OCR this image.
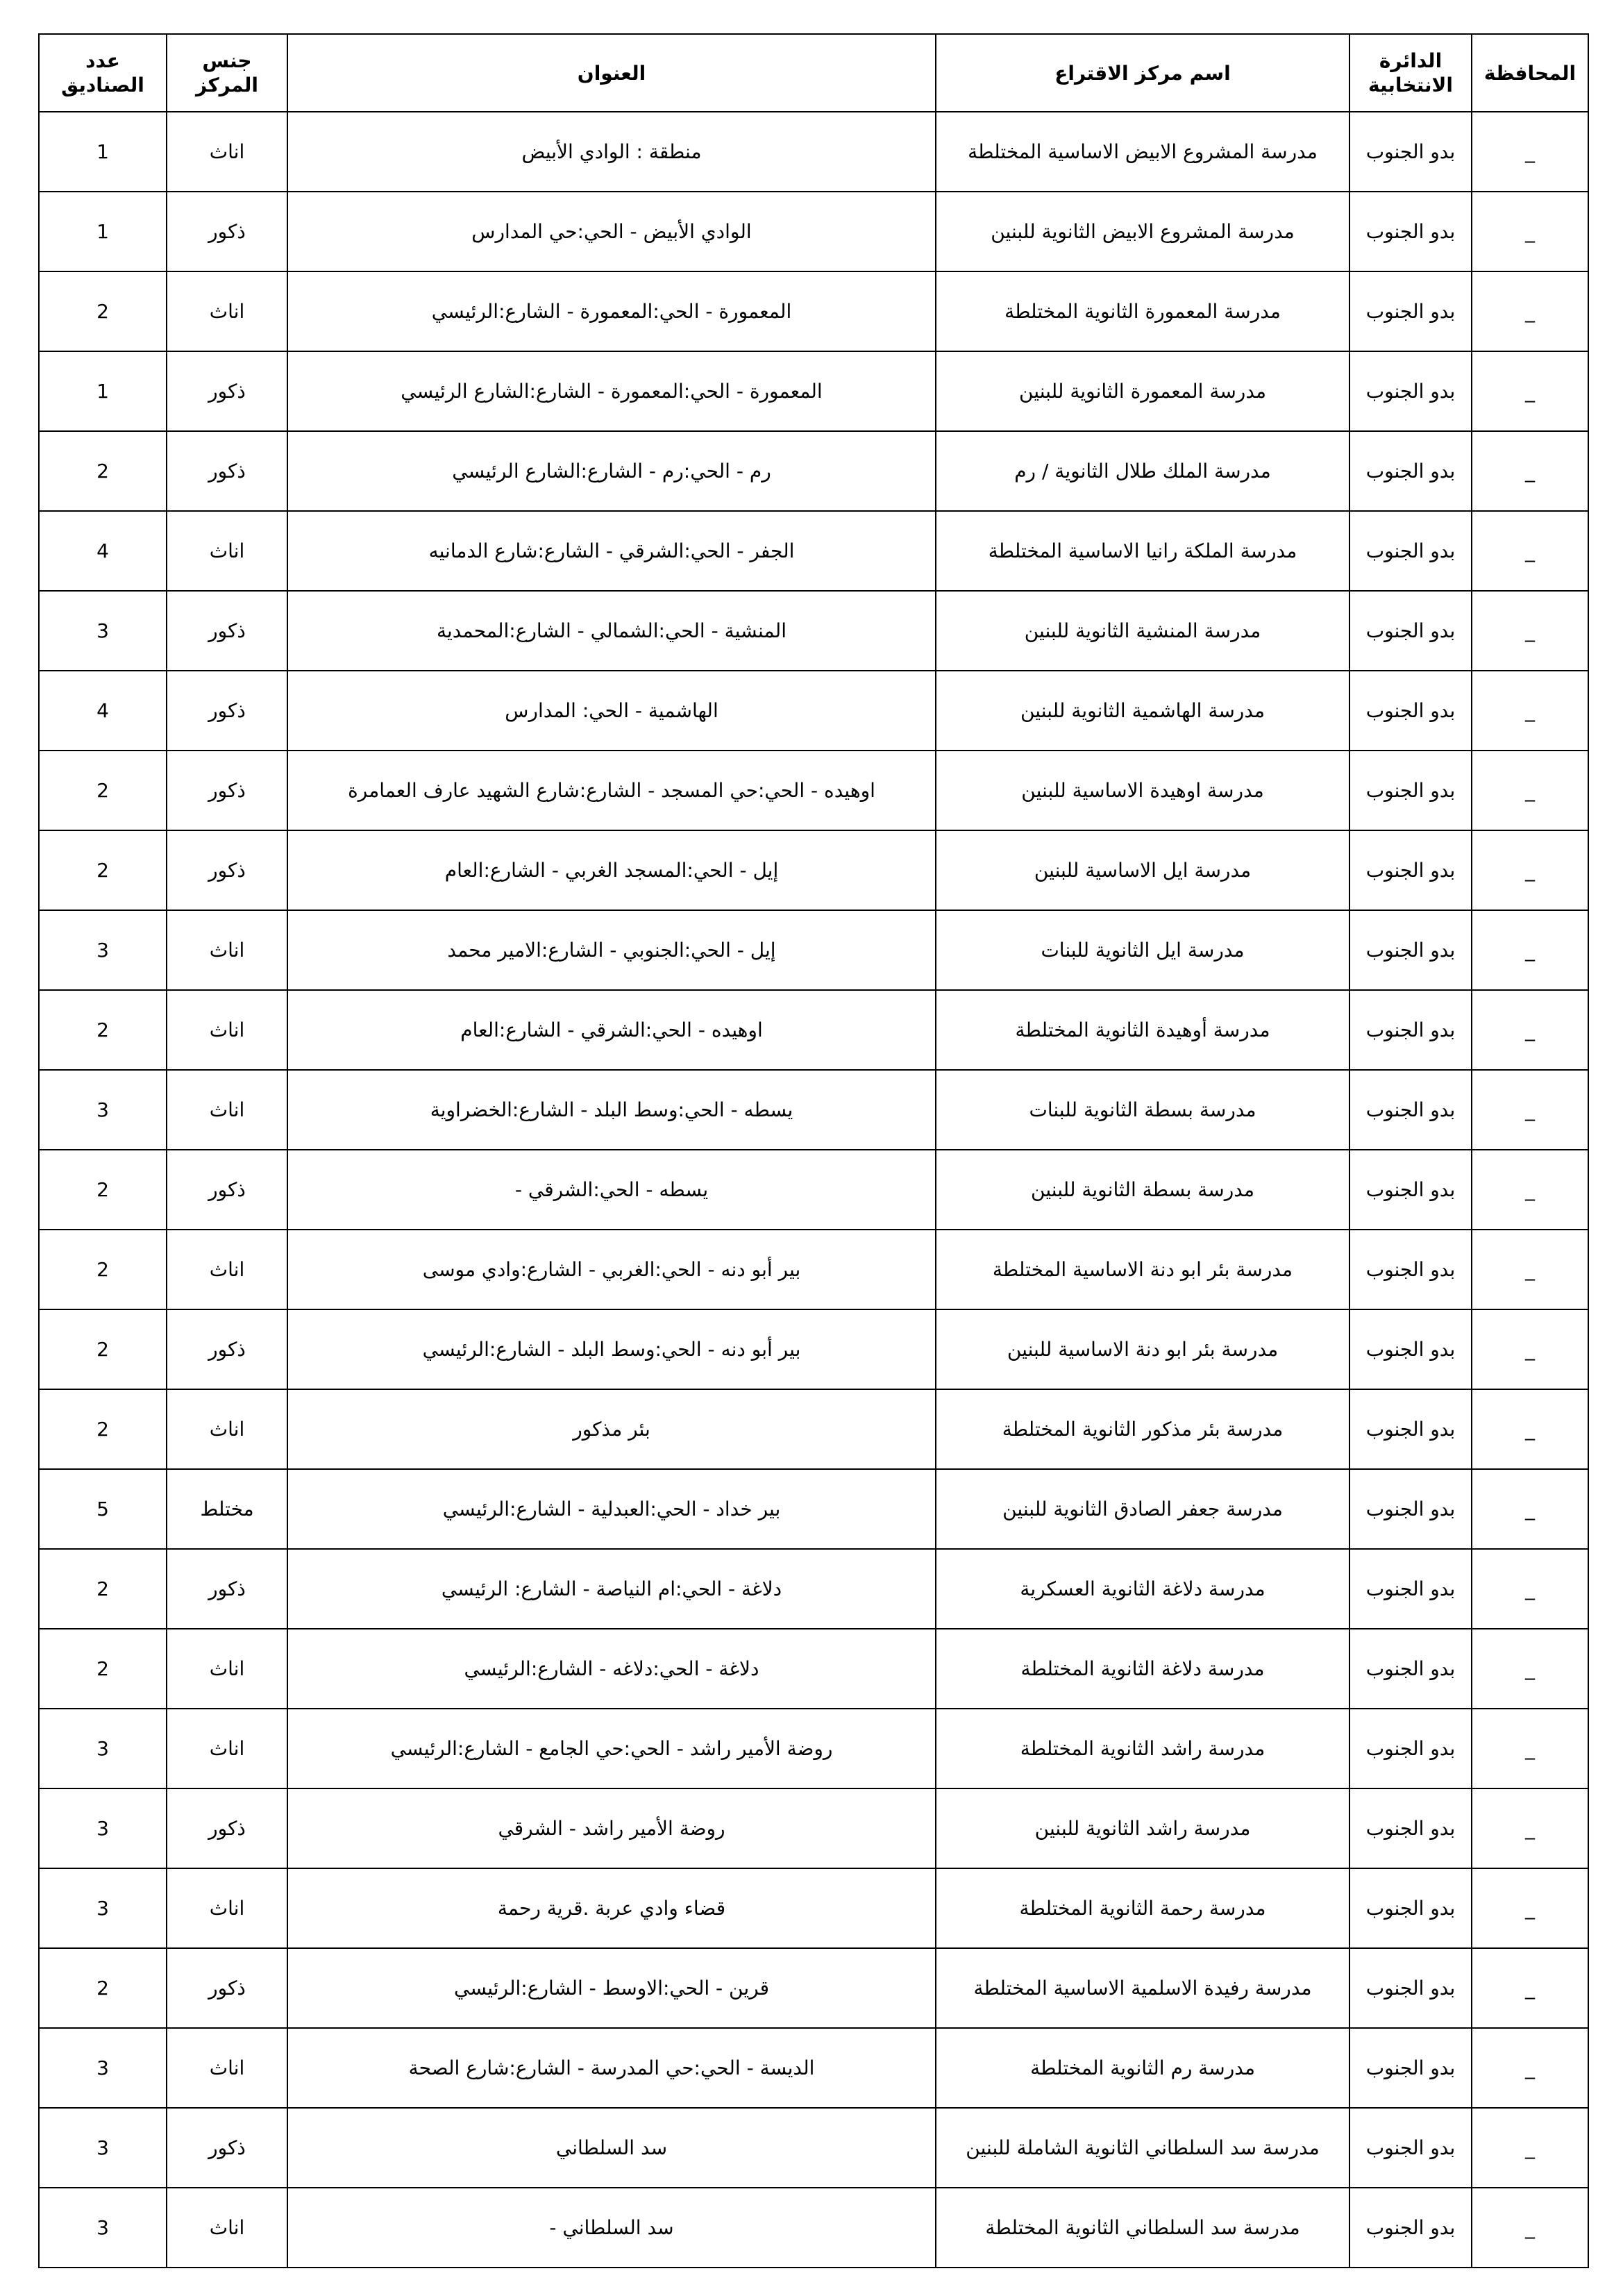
المحافظة	الدائرة الانتخابية	اسم مركز الاقتراع	العنوان	جنس المركز	عدد الصناديق
_	بدو الجنوب	مدرسة المشروع الابيض الاساسية المختلطة	منطقة : الوادي الأبيض	اناث	1
_	بدو الجنوب	مدرسة المشروع الابيض الثانوية للبنين	الوادي الأبيض - الحي:حي المدارس	ذكور	1
_	بدو الجنوب	مدرسة المعمورة الثانوية المختلطة	المعمورة - الحي:المعمورة - الشارع:الرئيسي	اناث	2
_	بدو الجنوب	مدرسة المعمورة الثانوية للبنين	المعمورة - الحي:المعمورة - الشارع:الشارع الرئيسي	ذكور	1
_	بدو الجنوب	مدرسة الملك طلال الثانوية / رم	رم - الحي:رم - الشارع:الشارع الرئيسي	ذكور	2
_	بدو الجنوب	مدرسة الملكة رانيا الاساسية المختلطة	الجفر - الحي:الشرقي - الشارع:شارع الدمانيه	اناث	4
_	بدو الجنوب	مدرسة المنشية الثانوية للبنين	المنشية - الحي:الشمالي - الشارع:المحمدية	ذكور	3
_	بدو الجنوب	مدرسة الهاشمية الثانوية للبنين	الهاشمية - الحي: المدارس	ذكور	4
_	بدو الجنوب	مدرسة اوهيدة الاساسية للبنين	اوهيده - الحي:حي المسجد - الشارع:شارع الشهيد عارف العمامرة	ذكور	2
_	بدو الجنوب	مدرسة ايل الاساسية للبنين	إيل - الحي:المسجد الغربي - الشارع:العام	ذكور	2
_	بدو الجنوب	مدرسة ايل الثانوية للبنات	إيل - الحي:الجنوبي - الشارع:الامير محمد	اناث	3
_	بدو الجنوب	مدرسة أوهيدة الثانوية المختلطة	اوهيده - الحي:الشرقي - الشارع:العام	اناث	2
_	بدو الجنوب	مدرسة بسطة الثانوية للبنات	يسطه - الحي:وسط البلد - الشارع:الخضراوية	اناث	3
_	بدو الجنوب	مدرسة بسطة الثانوية للبنين	يسطه - الحي:الشرقي -	ذكور	2
_	بدو الجنوب	مدرسة بئر ابو دنة الاساسية المختلطة	بير أبو دنه - الحي:الغربي - الشارع:وادي موسى	اناث	2
_	بدو الجنوب	مدرسة بئر ابو دنة الاساسية للبنين	بير أبو دنه - الحي:وسط البلد - الشارع:الرئيسي	ذكور	2
_	بدو الجنوب	مدرسة بئر مذكور الثانوية المختلطة	بئر مذكور	اناث	2
_	بدو الجنوب	مدرسة جعفر الصادق الثانوية للبنين	بير خداد - الحي:العبدلية - الشارع:الرئيسي	مختلط	5
_	بدو الجنوب	مدرسة دلاغة الثانوية العسكرية	دلاغة - الحي:ام النياصة - الشارع: الرئيسي	ذكور	2
_	بدو الجنوب	مدرسة دلاغة الثانوية المختلطة	دلاغة - الحي:دلاغه - الشارع:الرئيسي	اناث	2
_	بدو الجنوب	مدرسة راشد الثانوية المختلطة	روضة الأمير راشد - الحي:حي الجامع - الشارع:الرئيسي	اناث	3
_	بدو الجنوب	مدرسة راشد الثانوية للبنين	روضة الأمير راشد - الشرقي	ذكور	3
_	بدو الجنوب	مدرسة رحمة الثانوية المختلطة	قضاء وادي عربة .قرية رحمة	اناث	3
_	بدو الجنوب	مدرسة رفيدة الاسلمية الاساسية المختلطة	قرين - الحي:الاوسط - الشارع:الرئيسي	ذكور	2
_	بدو الجنوب	مدرسة رم الثانوية المختلطة	الديسة - الحي:حي المدرسة - الشارع:شارع الصحة	اناث	3
_	بدو الجنوب	مدرسة سد السلطاني الثانوية الشاملة للبنين	سد السلطاني	ذكور	3
_	بدو الجنوب	مدرسة سد السلطاني الثانوية المختلطة	سد السلطاني -	اناث	3
